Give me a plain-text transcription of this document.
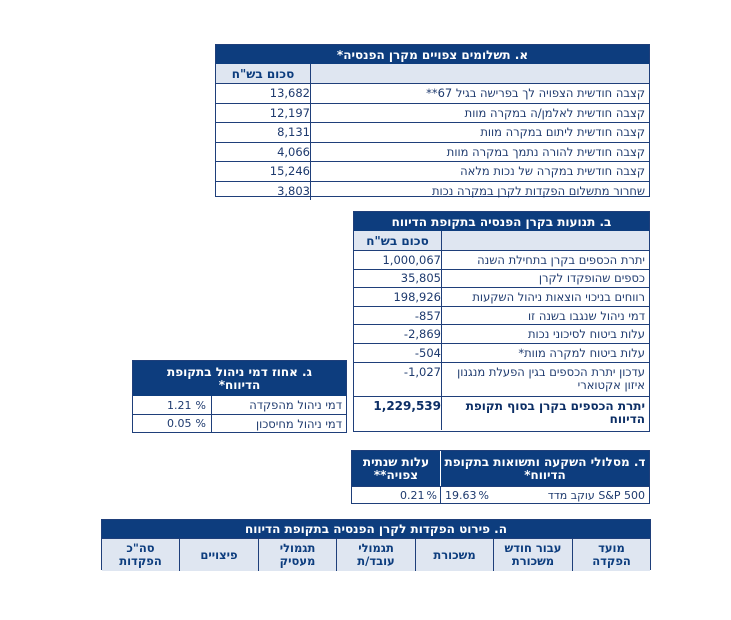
א. תשלומים צפויים מקרן הפנסיה*
סכום בש"ח
קצבה חודשית הצפויה לך בפרישה בגיל 67**
13,682
קצבה חודשית לאלמן/ה במקרה מוות
12,197
קצבה חודשית ליתום במקרה מוות
8,131
קצבה חודשית להורה נתמך במקרה מוות
4,066
קצבה חודשית במקרה של נכות מלאה
15,246
שחרור מתשלום הפקדות לקרן במקרה נכות
3,803
ב. תנועות בקרן הפנסיה בתקופת הדיווח
סכום בש"ח
יתרת הכספים בקרן בתחילת השנה
1,000,067
כספים שהופקדו לקרן
35,805
רווחים בניכוי הוצאות ניהול השקעות
198,926
דמי ניהול שנגבו בשנה זו
-857
עלות ביטוח לסיכוני נכות
-2,869
עלות ביטוח למקרה מוות*
-504
עדכון יתרת הכספים בגין הפעלת מנגנון איזון אקטוארי
-1,027
יתרת הכספים בקרן בסוף תקופת הדיווח
1,229,539
ג. אחוז דמי ניהול בתקופת הדיווח*
דמי ניהול מהפקדה
1.21 %
דמי ניהול מחיסכון
0.05 %
ד. מסלולי השקעה ותשואות בתקופת הדיווח*
עלות שנתית צפויה**
19.63 %	S&P 500 עוקב מדד
0.21 %
ה. פירוט הפקדות לקרן הפנסיה בתקופת הדיווח
מועד הפקדה
עבור חודש משכורת
משכורת
תגמולי עובד/ת
תגמולי מעסיק
פיצויים
סה"כ הפקדות
